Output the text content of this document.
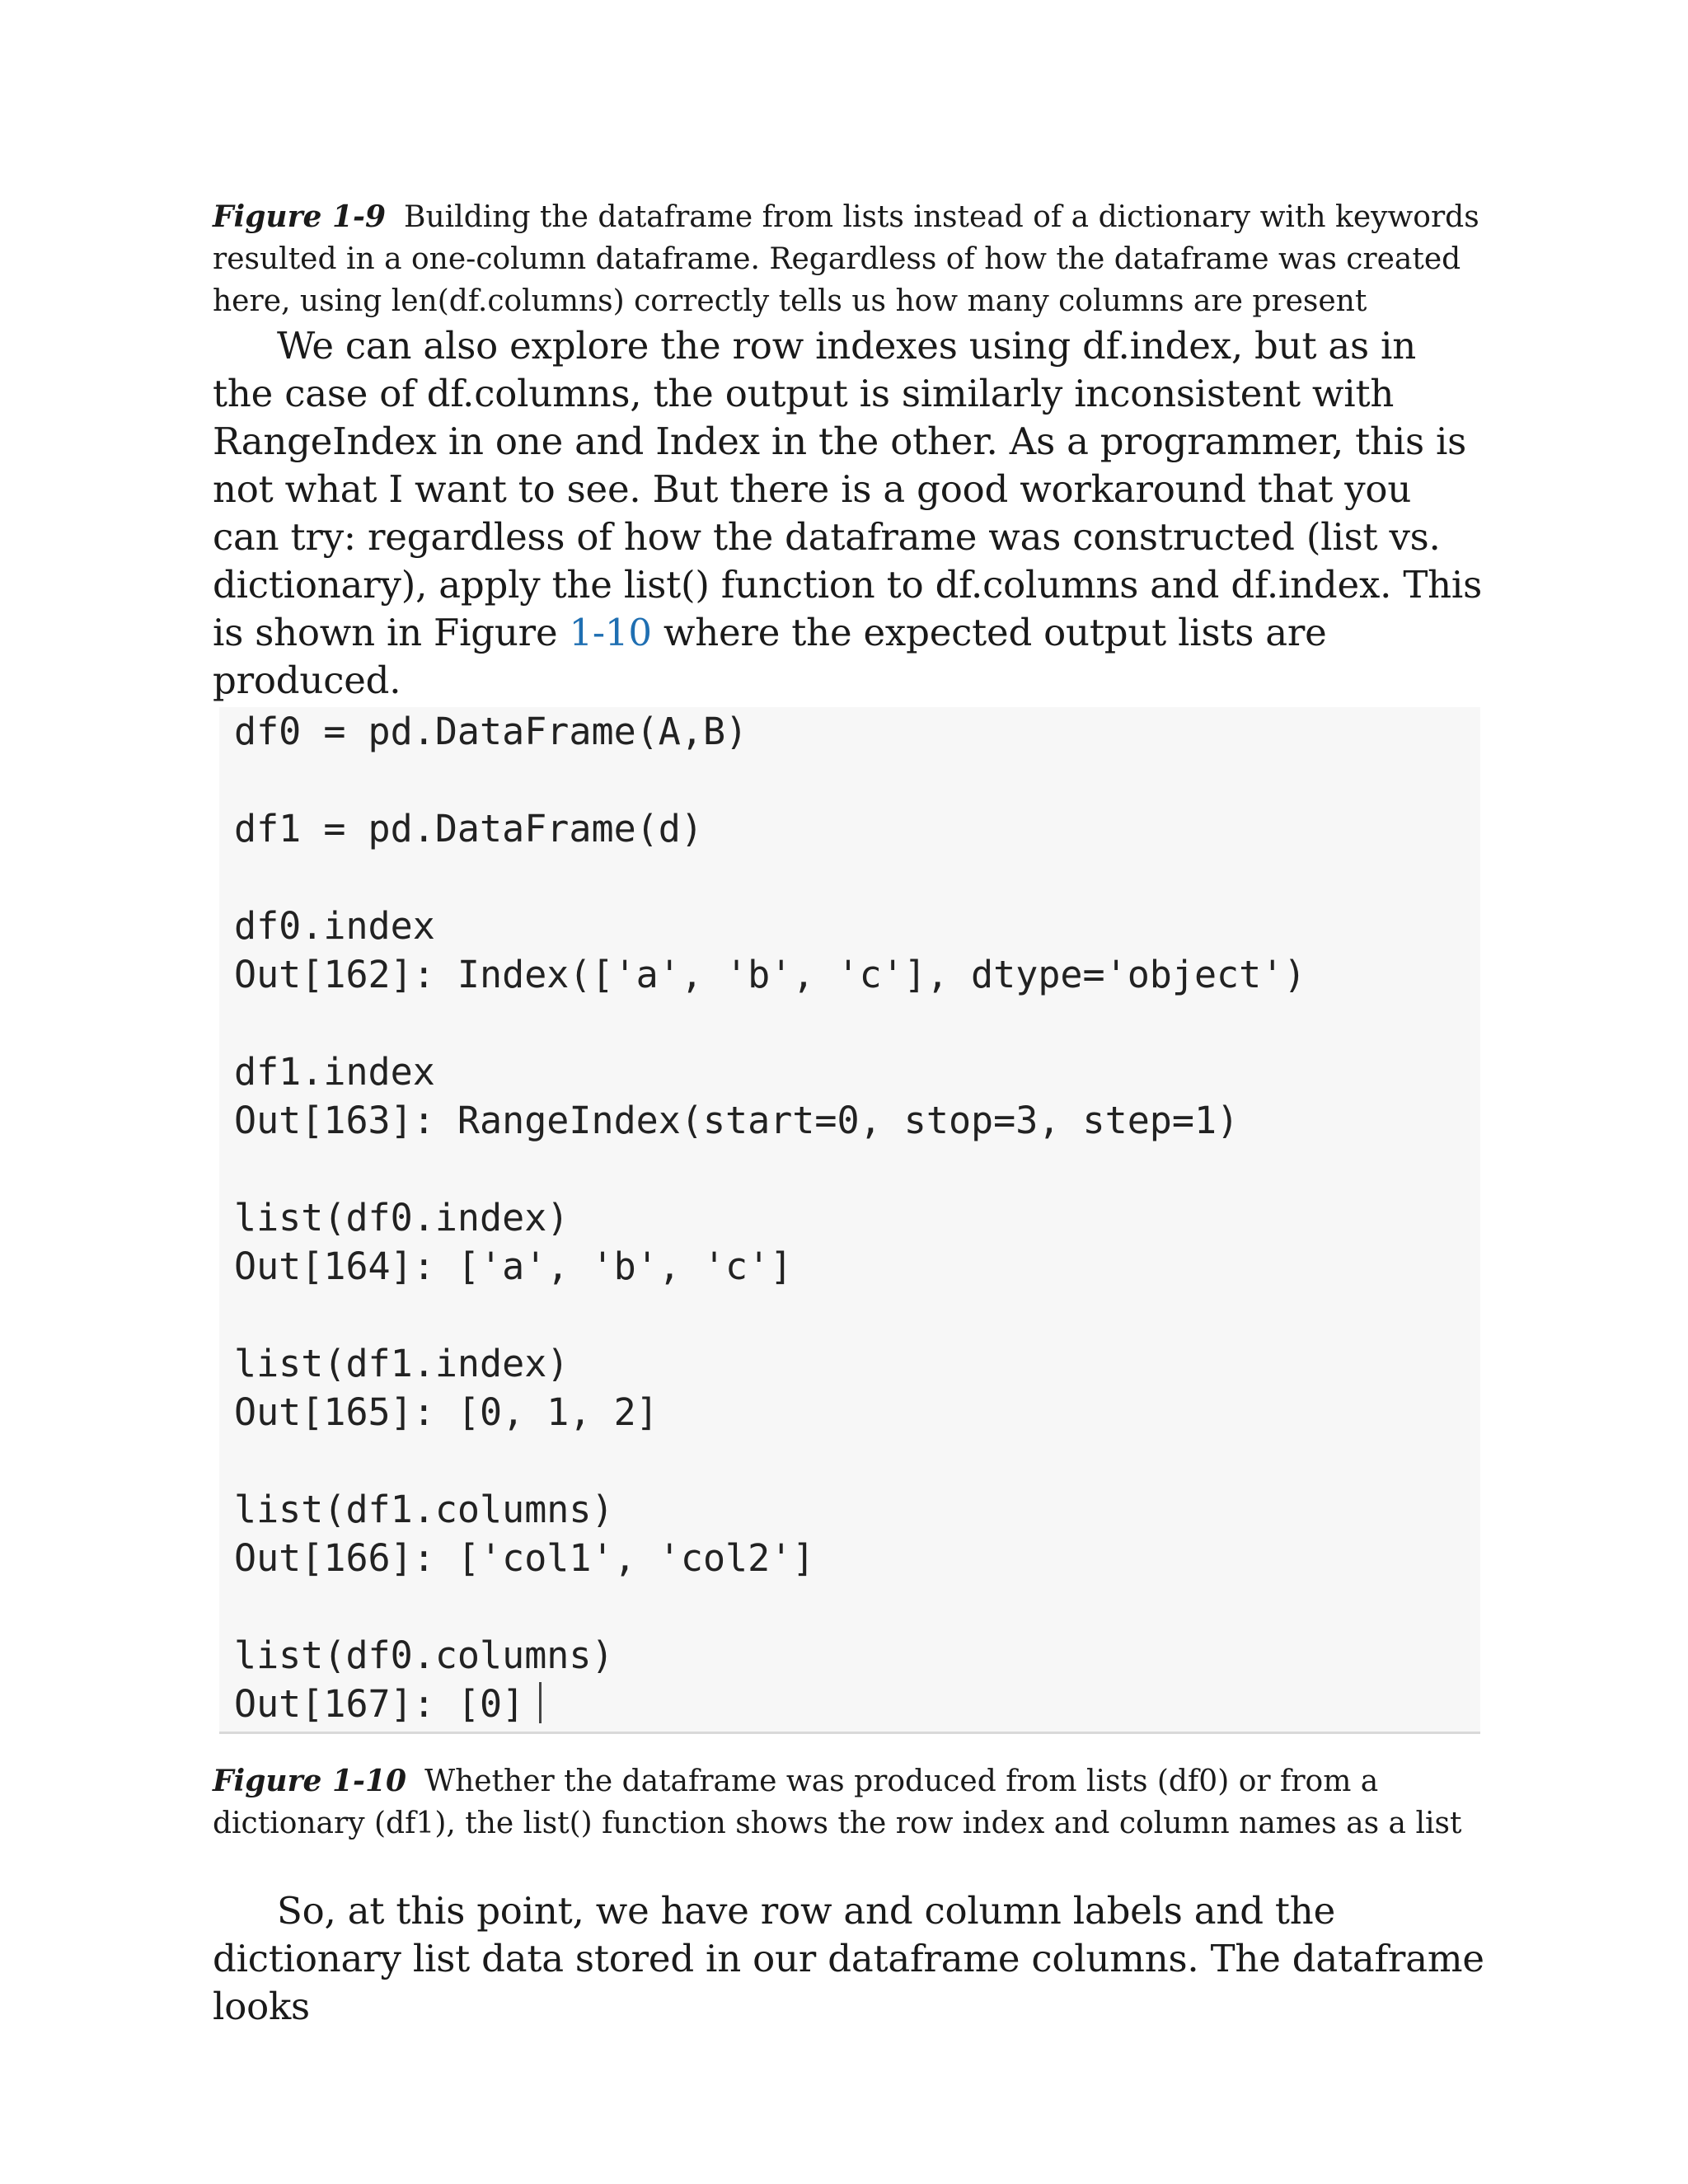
Figure 1-9 Building the dataframe from lists instead of a dictionary with keywords resulted in a one-column dataframe. Regardless of how the dataframe was created here, using len(df.columns) correctly tells us how many columns are present

We can also explore the row indexes using df.index, but as in the case of df.columns, the output is similarly inconsistent with RangeIndex in one and Index in the other. As a programmer, this is not what I want to see. But there is a good workaround that you can try: regardless of how the dataframe was constructed (list vs. dictionary), apply the list() function to df.columns and df.index. This is shown in Figure 1-10 where the expected output lists are produced.

df0 = pd.DataFrame(A,B)
df1 = pd.DataFrame(d)
df0.index
Out[162]: Index(['a', 'b', 'c'], dtype='object')
df1.index
Out[163]: RangeIndex(start=0, stop=3, step=1)
list(df0.index)
Out[164]: ['a', 'b', 'c']
list(df1.index)
Out[165]: [0, 1, 2]
list(df1.columns)
Out[166]: ['col1', 'col2']
list(df0.columns)
Out[167]: [0]

Figure 1-10 Whether the dataframe was produced from lists (df0) or from a dictionary (df1), the list() function shows the row index and column names as a list

So, at this point, we have row and column labels and the dictionary list data stored in our dataframe columns. The dataframe looks
